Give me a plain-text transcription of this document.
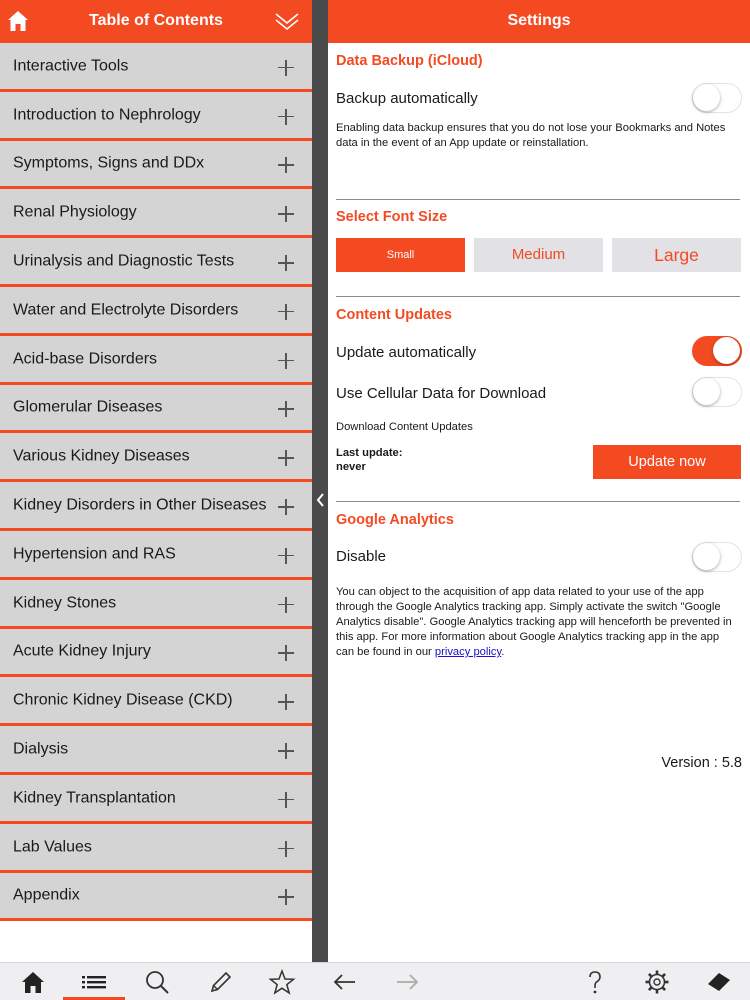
Table of Contents
Interactive Tools
Introduction to Nephrology
Symptoms, Signs and DDx
Renal Physiology
Urinalysis and Diagnostic Tests
Water and Electrolyte Disorders
Acid-base Disorders
Glomerular Diseases
Various Kidney Diseases
Kidney Disorders in Other Diseases
Hypertension and RAS
Kidney Stones
Acute Kidney Injury
Chronic Kidney Disease (CKD)
Dialysis
Kidney Transplantation
Lab Values
Appendix
Settings
Data Backup (iCloud)
Backup automatically
Enabling data backup ensures that you do not lose your Bookmarks and Notes data in the event of an App update or reinstallation.
Select Font Size
Small	Medium	Large
Content Updates
Update automatically
Use Cellular Data for Download
Download Content Updates
Last update:
never	Update now
Google Analytics
Disable
You can object to the acquisition of app data related to your use of the app through the Google Analytics tracking app. Simply activate the switch "Google Analytics disable". Google Analytics tracking app will henceforth be prevented in this app. For more information about Google Analytics tracking app in the app can be found in our privacy policy.
Version : 5.8
